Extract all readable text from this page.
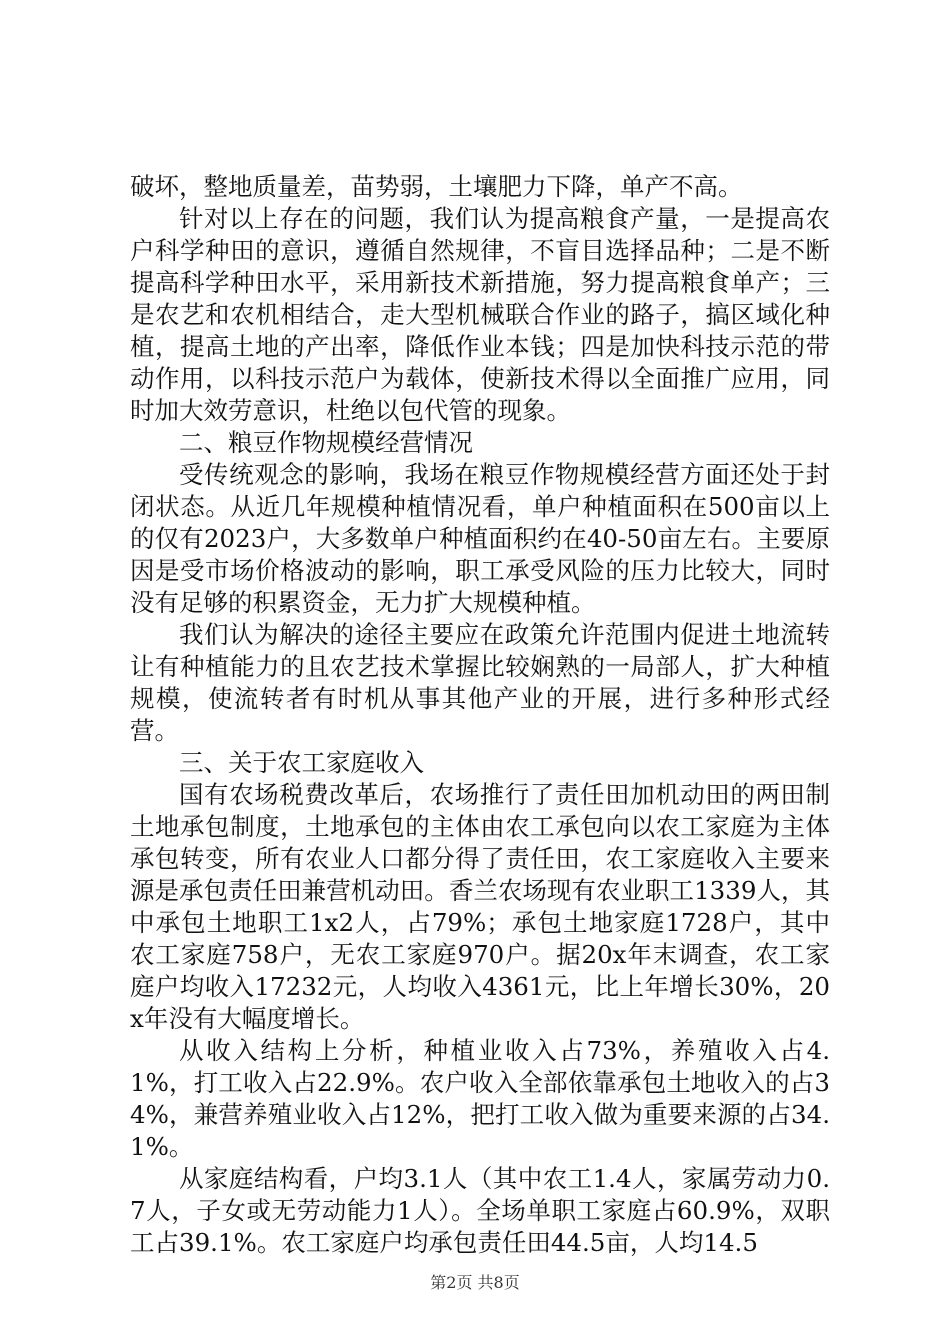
破坏，整地质量差，苗势弱，土壤肥力下降，单产不高。

针对以上存在的问题，我们认为提高粮食产量，一是提高农户科学种田的意识，遵循自然规律，不盲目选择品种；二是不断提高科学种田水平，采用新技术新措施，努力提高粮食单产；三是农艺和农机相结合，走大型机械联合作业的路子，搞区域化种植，提高土地的产出率，降低作业本钱；四是加快科技示范的带动作用，以科技示范户为载体，使新技术得以全面推广应用，同时加大效劳意识，杜绝以包代管的现象。

二、粮豆作物规模经营情况

受传统观念的影响，我场在粮豆作物规模经营方面还处于封闭状态。从近几年规模种植情况看，单户种植面积在500亩以上的仅有2023户，大多数单户种植面积约在40-50亩左右。主要原因是受市场价格波动的影响，职工承受风险的压力比较大，同时没有足够的积累资金，无力扩大规模种植。

我们认为解决的途径主要应在政策允许范围内促进土地流转让有种植能力的且农艺技术掌握比较娴熟的一局部人，扩大种植规模，使流转者有时机从事其他产业的开展，进行多种形式经营。

三、关于农工家庭收入

国有农场税费改革后，农场推行了责任田加机动田的两田制土地承包制度，土地承包的主体由农工承包向以农工家庭为主体承包转变，所有农业人口都分得了责任田，农工家庭收入主要来源是承包责任田兼营机动田。香兰农场现有农业职工1339人，其中承包土地职工1x2人，占79%；承包土地家庭1728户，其中农工家庭758户，无农工家庭970户。据20x年末调查，农工家庭户均收入17232元，人均收入4361元，比上年增长30%，20x年没有大幅度增长。

从收入结构上分析，种植业收入占73%，养殖收入占4.1%，打工收入占22.9%。农户收入全部依靠承包土地收入的占34%，兼营养殖业收入占12%，把打工收入做为重要来源的占34.1%。

从家庭结构看，户均3.1人（其中农工1.4人，家属劳动力0.7人，子女或无劳动能力1人）。全场单职工家庭占60.9%，双职工占39.1%。农工家庭户均承包责任田44.5亩，人均14.5

第2页 共8页
